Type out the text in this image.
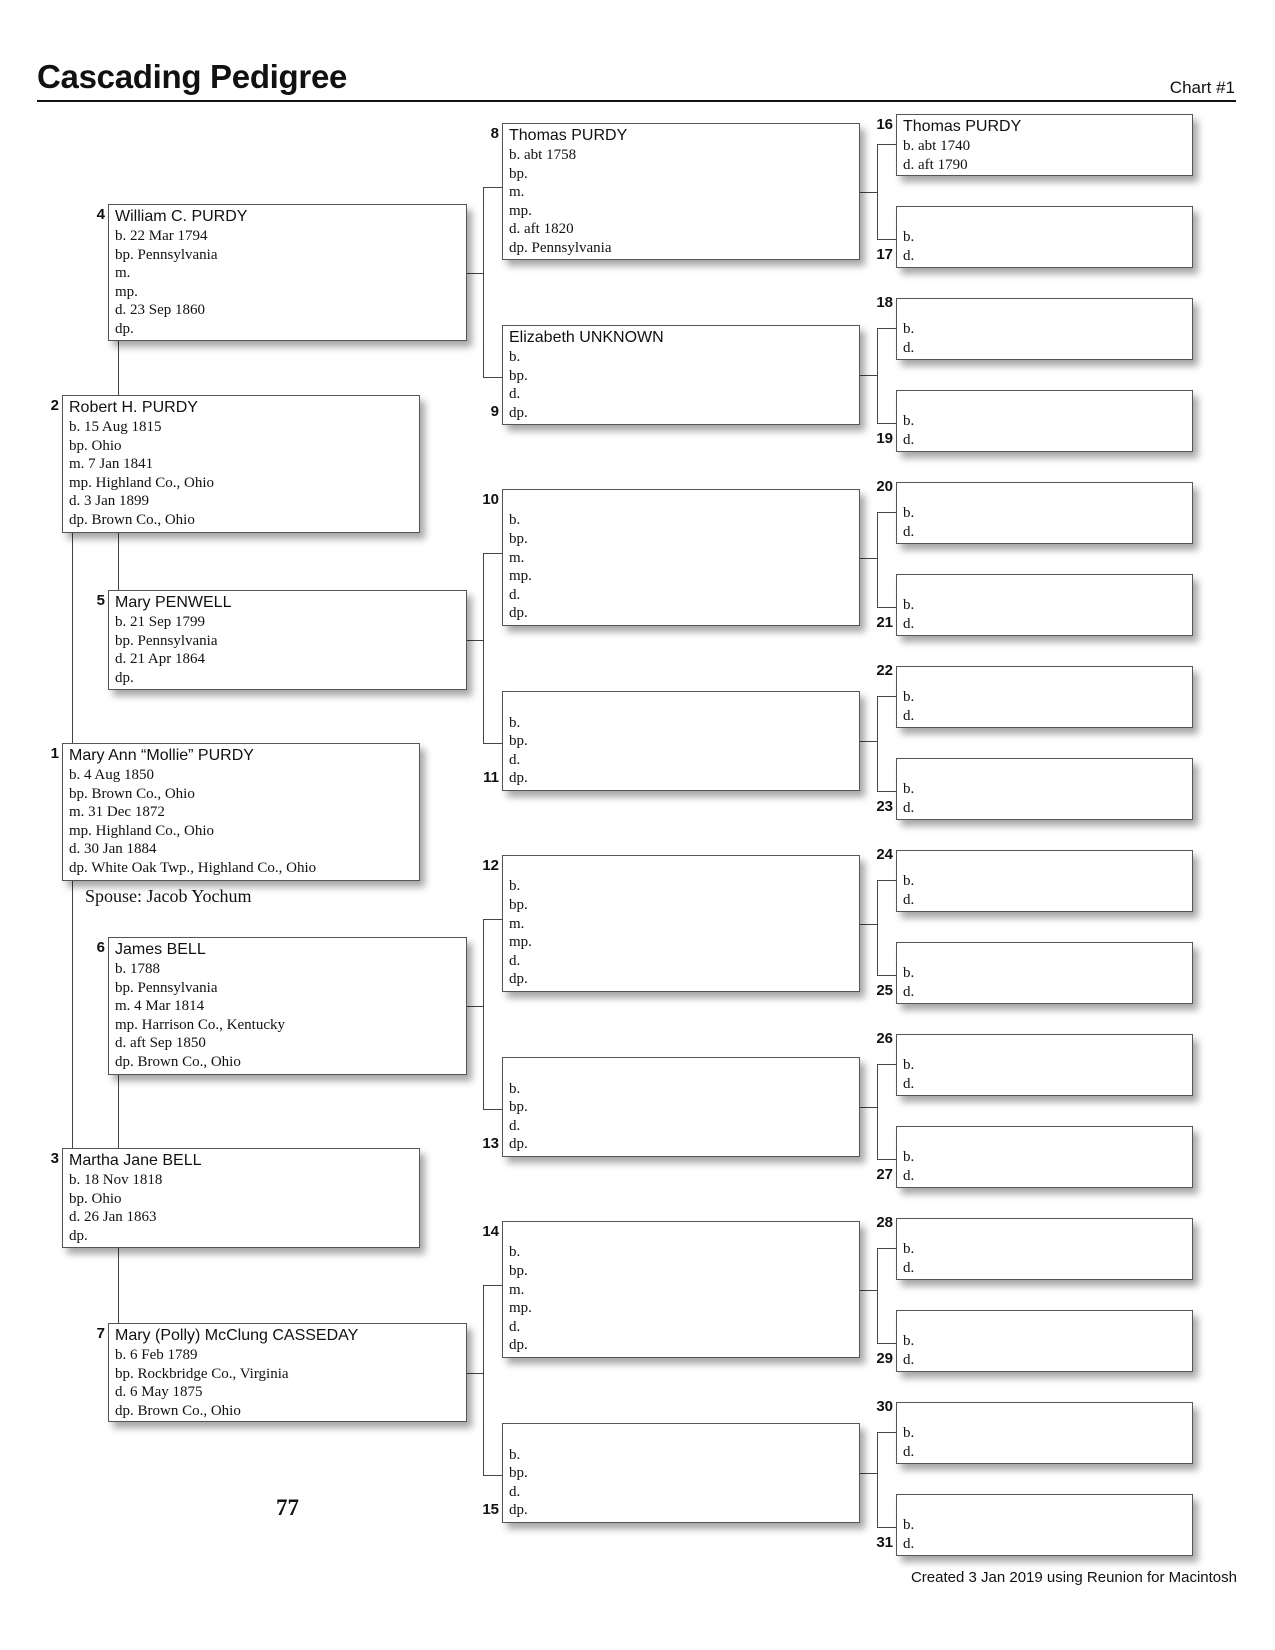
Cascading Pedigree	Chart #1
Mary Ann “Mollie” PURDY
b. 4 Aug 1850
bp. Brown Co., Ohio
m. 31 Dec 1872
mp. Highland Co., Ohio
d. 30 Jan 1884
dp. White Oak Twp., Highland Co., Ohio
1
Robert H. PURDY
b. 15 Aug 1815
bp. Ohio
m. 7 Jan 1841
mp. Highland Co., Ohio
d. 3 Jan 1899
dp. Brown Co., Ohio
2
Martha Jane BELL
b. 18 Nov 1818
bp. Ohio
d. 26 Jan 1863
dp.
3
William C. PURDY
b. 22 Mar 1794
bp. Pennsylvania
m.
mp.
d. 23 Sep 1860
dp.
4
Mary PENWELL
b. 21 Sep 1799
bp. Pennsylvania
d. 21 Apr 1864
dp.
5
James BELL
b. 1788
bp. Pennsylvania
m. 4 Mar 1814
mp. Harrison Co., Kentucky
d. aft Sep 1850
dp. Brown Co., Ohio
6
Mary (Polly) McClung CASSEDAY
b. 6 Feb 1789
bp. Rockbridge Co., Virginia
d. 6 May 1875
dp. Brown Co., Ohio
7
Thomas PURDY
b. abt 1758
bp.
m.
mp.
d. aft 1820
dp. Pennsylvania
8
Elizabeth UNKNOWN
b.
bp.
d.
dp.
9
b.
bp.
m.
mp.
d.
dp.
10
b.
bp.
d.
dp.
11
b.
bp.
m.
mp.
d.
dp.
12
b.
bp.
d.
dp.
13
b.
bp.
m.
mp.
d.
dp.
14
b.
bp.
d.
dp.
15
Thomas PURDY
b. abt 1740
d. aft 1790
16
b.
d.
17
b.
d.
18
b.
d.
19
b.
d.
20
b.
d.
21
b.
d.
22
b.
d.
23
b.
d.
24
b.
d.
25
b.
d.
26
b.
d.
27
b.
d.
28
b.
d.
29
b.
d.
30
b.
d.
31
Spouse: Jacob Yochum
77
Created 3 Jan 2019 using Reunion for Macintosh
